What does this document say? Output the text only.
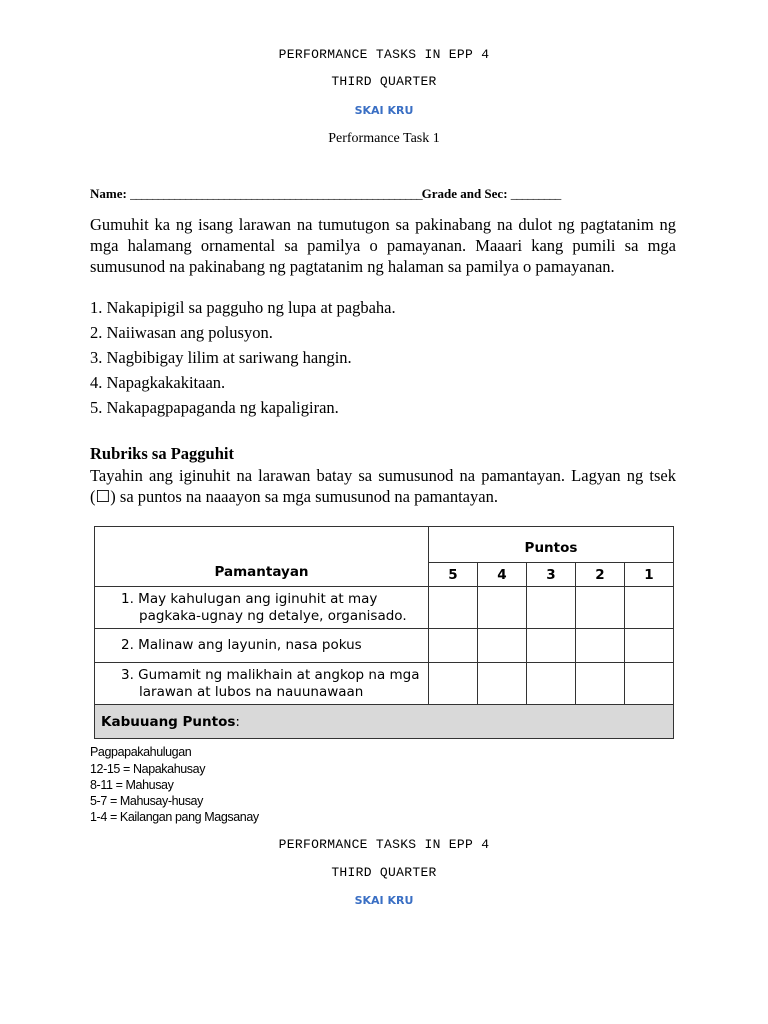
PERFORMANCE TASKS IN EPP 4
THIRD QUARTER
SKAI KRU
Performance Task 1
Name: _____________________________________________________Grade and Sec: _________
Gumuhit ka ng isang larawan na tumutugon sa pakinabang na dulot ng pagtatanim ng mga halamang ornamental sa pamilya o pamayanan. Maaari kang pumili sa mga sumusunod na pakinabang ng pagtatanim ng halaman sa pamilya o pamayanan.
1. Nakapipigil sa pagguho ng lupa at pagbaha.
2. Naiiwasan ang polusyon.
3. Nagbibigay lilim at sariwang hangin.
4. Napagkakakitaan.
5. Nakapagpapaganda ng kapaligiran.
Rubriks sa Pagguhit
Tayahin ang iginuhit na larawan batay sa sumusunod na pamantayan. Lagyan ng tsek (☐) sa puntos na naaayon sa mga sumusunod na pamantayan.
Pamantayan	Puntos				
	5	4	3	2	1

1. May kahulugan ang iginuhit at may
pagkaka-ugnay ng detalye, organisado.					

2. Malinaw ang layunin, nasa pokus					

3. Gumamit ng malikhain at angkop na mga
larawan at lubos na nauunawaan					

Kabuuang Puntos:					
Pagpapakahulugan
12-15 = Napakahusay
8-11 = Mahusay
5-7 = Mahusay-husay
1-4 = Kailangan pang Magsanay
PERFORMANCE TASKS IN EPP 4
THIRD QUARTER
SKAI KRU
